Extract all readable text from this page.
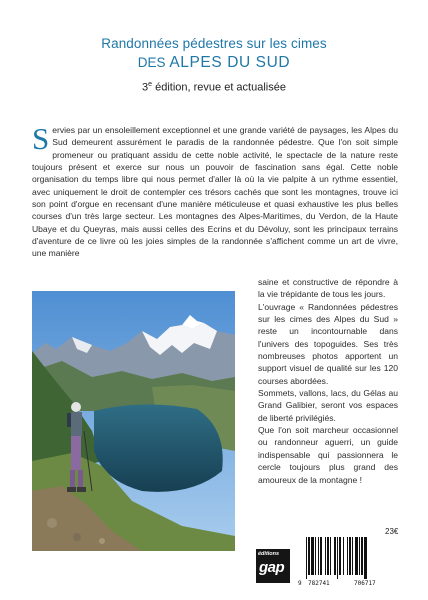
Randonnées pédestres sur les cimes
DES ALPES DU SUD
3e édition, revue et actualisée
Servies par un ensoleillement exceptionnel et une grande variété de paysages, les Alpes du Sud demeurent assurément le paradis de la randonnée pédestre. Que l'on soit simple promeneur ou pratiquant assidu de cette noble activité, le spectacle de la nature reste toujours présent et exerce sur nous un pouvoir de fascination sans égal. Cette noble organisation du temps libre qui nous permet d'aller là où la vie palpite à un rythme essentiel, avec uniquement le droit de contempler ces trésors cachés que sont les montagnes, trouve ici son point d'orgue en recensant d'une manière méticuleuse et quasi exhaustive les plus belles courses d'un très large secteur. Les montagnes des Alpes-Maritimes, du Verdon, de la Haute Ubaye et du Queyras, mais aussi celles des Ecrins et du Dévoluy, sont les principaux terrains d'aventure de ce livre où les joies simples de la randonnée s'affichent comme un art de vivre, une manière

saine et constructive de répondre à la vie trépidante de tous les jours.

L'ouvrage « Randonnées pédestres sur les cimes des Alpes du Sud » reste un incontournable dans l'univers des topoguides. Ses très nombreuses photos apportent un support visuel de qualité sur les 120 courses abordées.

Sommets, vallons, lacs, du Gélas au Grand Galibier, seront vos espaces de liberté privilégiés.

Que l'on soit marcheur occasionnel ou randonneur aguerri, un guide indispensable qui passionnera le cercle toujours plus grand des amoureux de la montagne !

23€
éditions
gap
9 782741	706717
